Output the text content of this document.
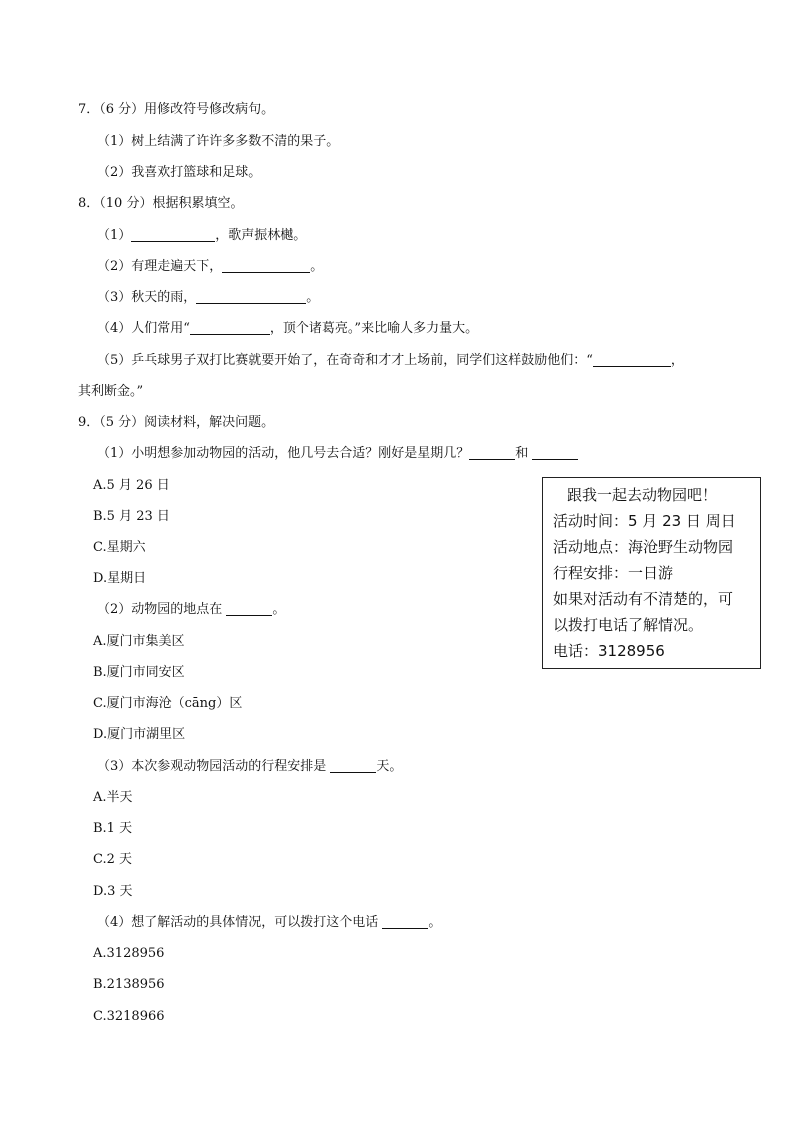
7．（6 分）用修改符号修改病句。
（1）树上结满了许许多多数不清的果子。
（2）我喜欢打篮球和足球。
8．（10 分）根据积累填空。
（1）	，歌声振林樾。
（2）有理走遍天下，	。
（3）秋天的雨，	。
（4）人们常用“	，顶个诸葛亮。”来比喻人多力量大。
（5）乒乓球男子双打比赛就要开始了，在奇奇和才才上场前，同学们这样鼓励他们：“	，
其利断金。”
9．（5 分）阅读材料，解决问题。
（1）小明想参加动物园的活动，他几号去合适？刚好是星期几？	和
A.5 月 26 日
B.5 月 23 日
C.星期六
D.星期日
（2）动物园的地点在	。
A.厦门市集美区
B.厦门市同安区
C.厦门市海沧（cāng）区
D.厦门市湖里区
（3）本次参观动物园活动的行程安排是	天。
A.半天
B.1 天
C.2 天
D.3 天
（4）想了解活动的具体情况，可以拨打这个电话	。
A.3128956
B.2138956
C.3218966
跟我一起去动物园吧！
活动时间：5 月 23 日 周日
活动地点：海沧野生动物园
行程安排：一日游
如果对活动有不清楚的，可
以拨打电话了解情况。
电话：3128956
